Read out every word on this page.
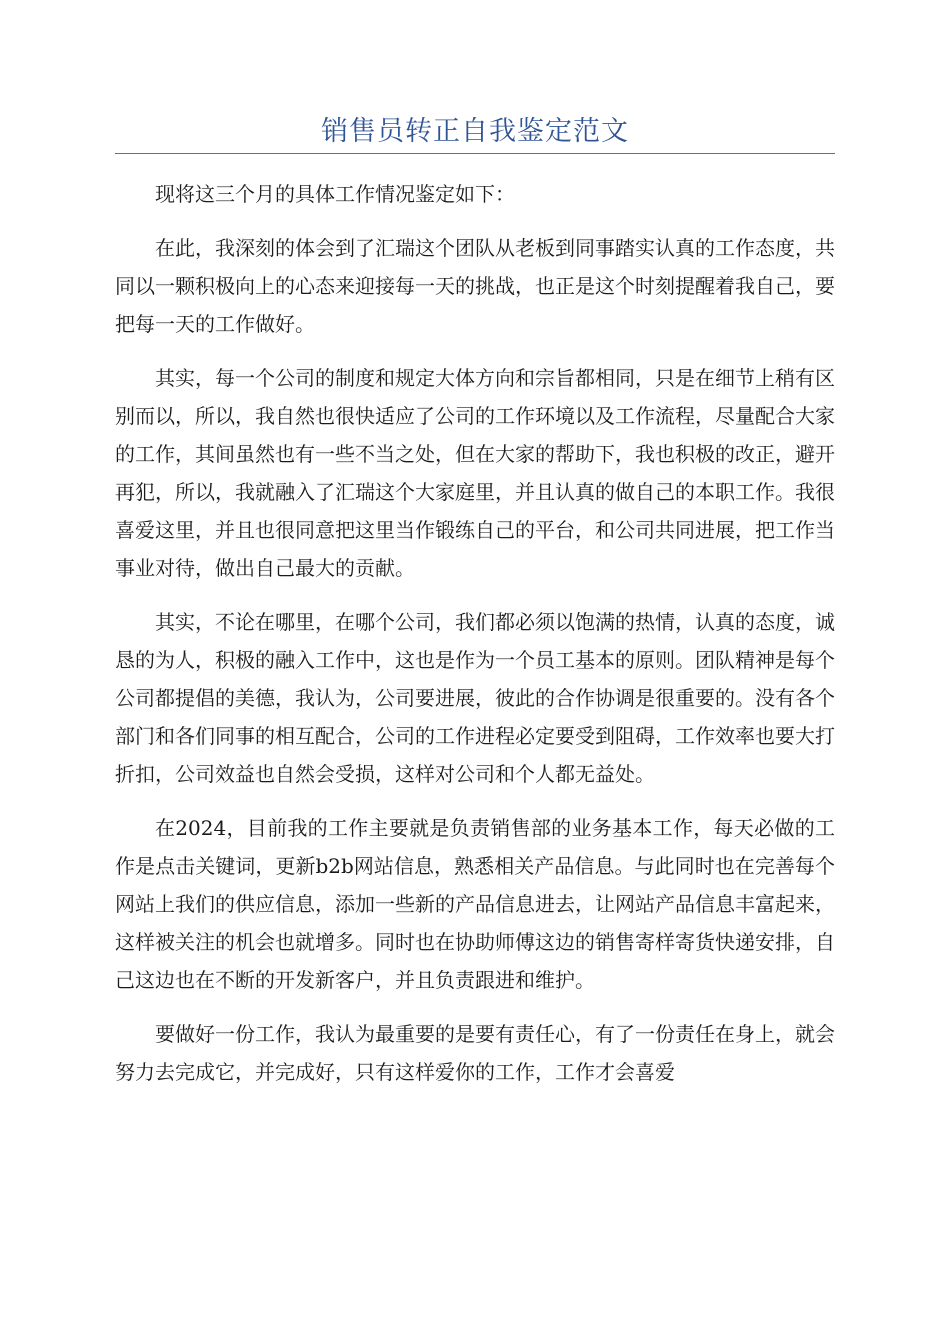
销售员转正自我鉴定范文

现将这三个月的具体工作情况鉴定如下：

在此，我深刻的体会到了汇瑞这个团队从老板到同事踏实认真的工作态度，共同以一颗积极向上的心态来迎接每一天的挑战，也正是这个时刻提醒着我自己，要把每一天的工作做好。

其实，每一个公司的制度和规定大体方向和宗旨都相同，只是在细节上稍有区别而以，所以，我自然也很快适应了公司的工作环境以及工作流程，尽量配合大家的工作，其间虽然也有一些不当之处，但在大家的帮助下，我也积极的改正，避开再犯，所以，我就融入了汇瑞这个大家庭里，并且认真的做自己的本职工作。我很喜爱这里，并且也很同意把这里当作锻练自己的平台，和公司共同进展，把工作当事业对待，做出自己最大的贡献。

其实，不论在哪里，在哪个公司，我们都必须以饱满的热情，认真的态度，诚恳的为人，积极的融入工作中，这也是作为一个员工基本的原则。团队精神是每个公司都提倡的美德，我认为，公司要进展，彼此的合作协调是很重要的。没有各个部门和各们同事的相互配合，公司的工作进程必定要受到阻碍，工作效率也要大打折扣，公司效益也自然会受损，这样对公司和个人都无益处。

在2024，目前我的工作主要就是负责销售部的业务基本工作，每天必做的工作是点击关键词，更新b2b网站信息，熟悉相关产品信息。与此同时也在完善每个网站上我们的供应信息，添加一些新的产品信息进去，让网站产品信息丰富起来，这样被关注的机会也就增多。同时也在协助师傅这边的销售寄样寄货快递安排，自己这边也在不断的开发新客户，并且负责跟进和维护。

要做好一份工作，我认为最重要的是要有责任心，有了一份责任在身上，就会努力去完成它，并完成好，只有这样爱你的工作，工作才会喜爱
